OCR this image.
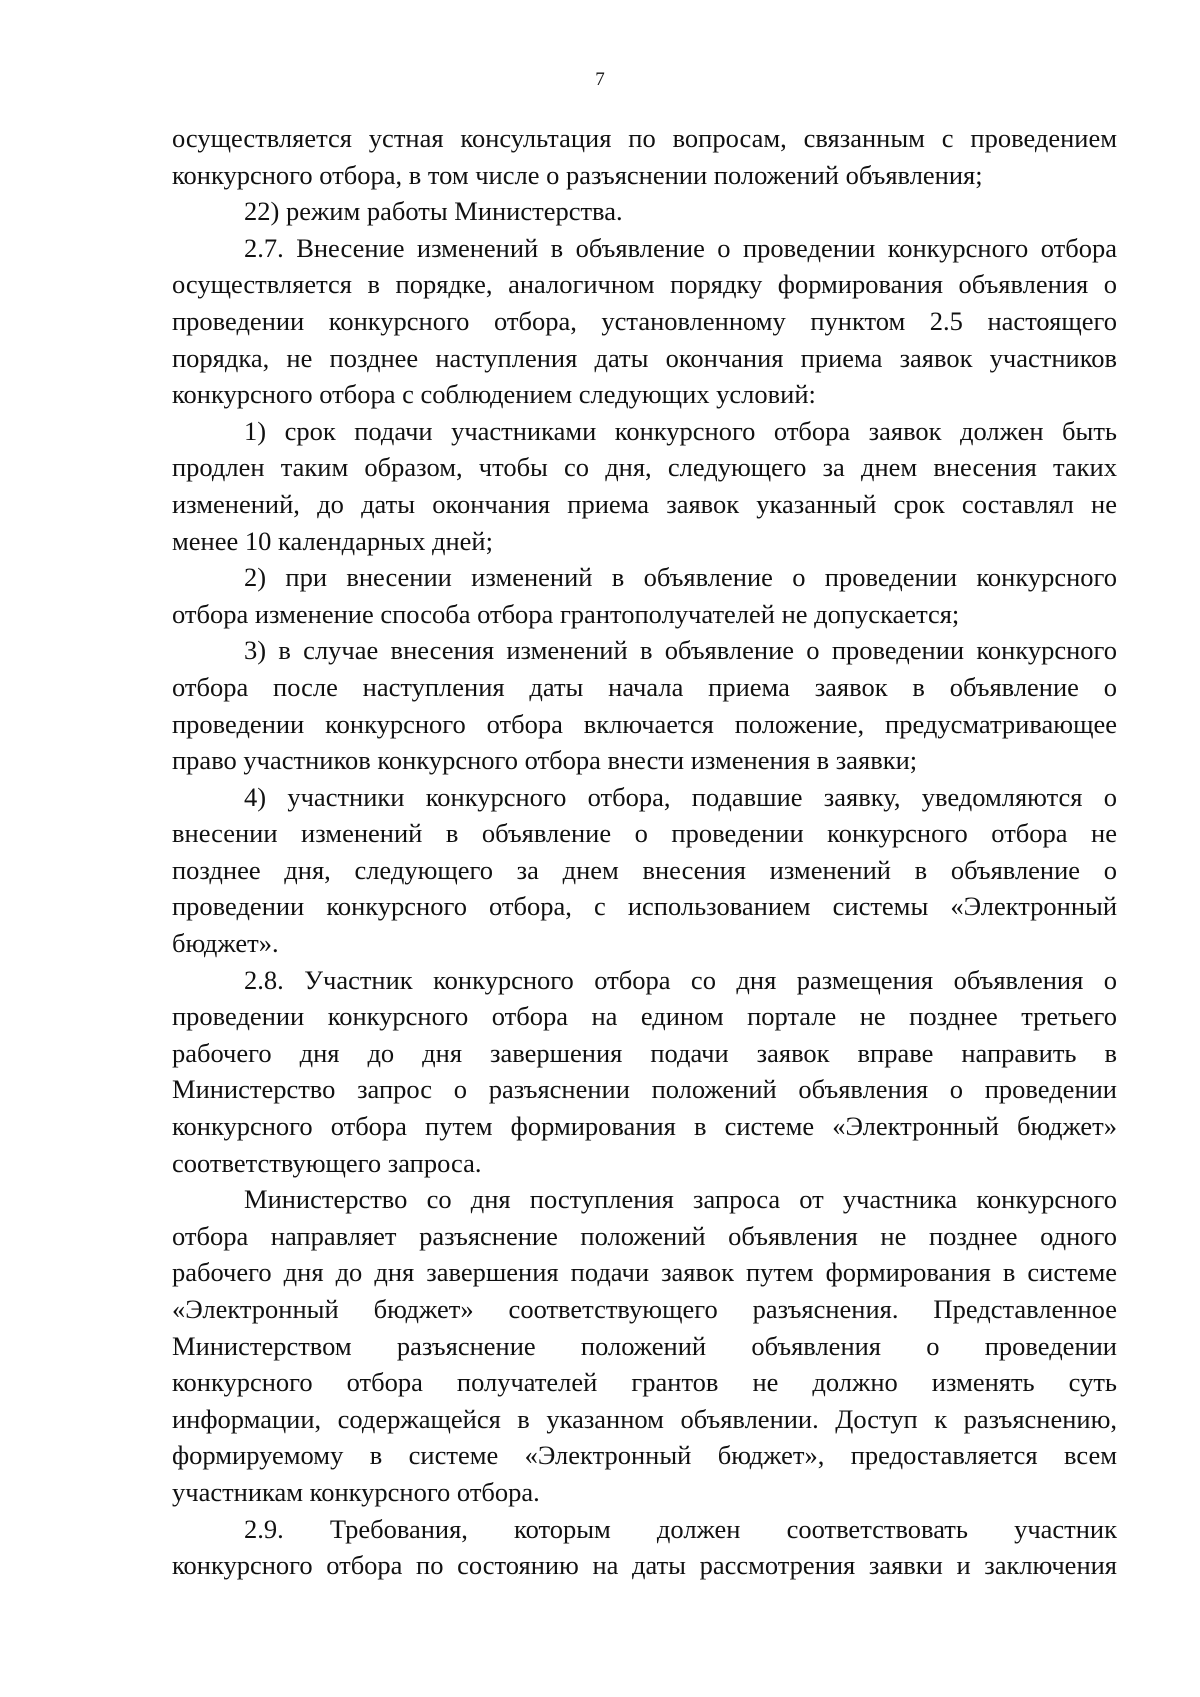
7
осуществляется устная консультация по вопросам, связанным с проведением
конкурсного отбора, в том числе о разъяснении положений объявления;
22) режим работы Министерства.
2.7. Внесение изменений в объявление о проведении конкурсного отбора
осуществляется в порядке, аналогичном порядку формирования объявления о
проведении конкурсного отбора, установленному пунктом 2.5 настоящего
порядка, не позднее наступления даты окончания приема заявок участников
конкурсного отбора с соблюдением следующих условий:
1) срок подачи участниками конкурсного отбора заявок должен быть
продлен таким образом, чтобы со дня, следующего за днем внесения таких
изменений, до даты окончания приема заявок указанный срок составлял не
менее 10 календарных дней;
2) при внесении изменений в объявление о проведении конкурсного
отбора изменение способа отбора грантополучателей не допускается;
3) в случае внесения изменений в объявление о проведении конкурсного
отбора после наступления даты начала приема заявок в объявление о
проведении конкурсного отбора включается положение, предусматривающее
право участников конкурсного отбора внести изменения в заявки;
4) участники конкурсного отбора, подавшие заявку, уведомляются о
внесении изменений в объявление о проведении конкурсного отбора не
позднее дня, следующего за днем внесения изменений в объявление о
проведении конкурсного отбора, с использованием системы «Электронный
бюджет».
2.8. Участник конкурсного отбора со дня размещения объявления о
проведении конкурсного отбора на едином портале не позднее третьего
рабочего дня до дня завершения подачи заявок вправе направить в
Министерство запрос о разъяснении положений объявления о проведении
конкурсного отбора путем формирования в системе «Электронный бюджет»
соответствующего запроса.
Министерство со дня поступления запроса от участника конкурсного
отбора направляет разъяснение положений объявления не позднее одного
рабочего дня до дня завершения подачи заявок путем формирования в системе
«Электронный бюджет» соответствующего разъяснения. Представленное
Министерством разъяснение положений объявления о проведении
конкурсного отбора получателей грантов не должно изменять суть
информации, содержащейся в указанном объявлении. Доступ к разъяснению,
формируемому в системе «Электронный бюджет», предоставляется всем
участникам конкурсного отбора.
2.9. Требования, которым должен соответствовать участник
конкурсного отбора по состоянию на даты рассмотрения заявки и заключения
